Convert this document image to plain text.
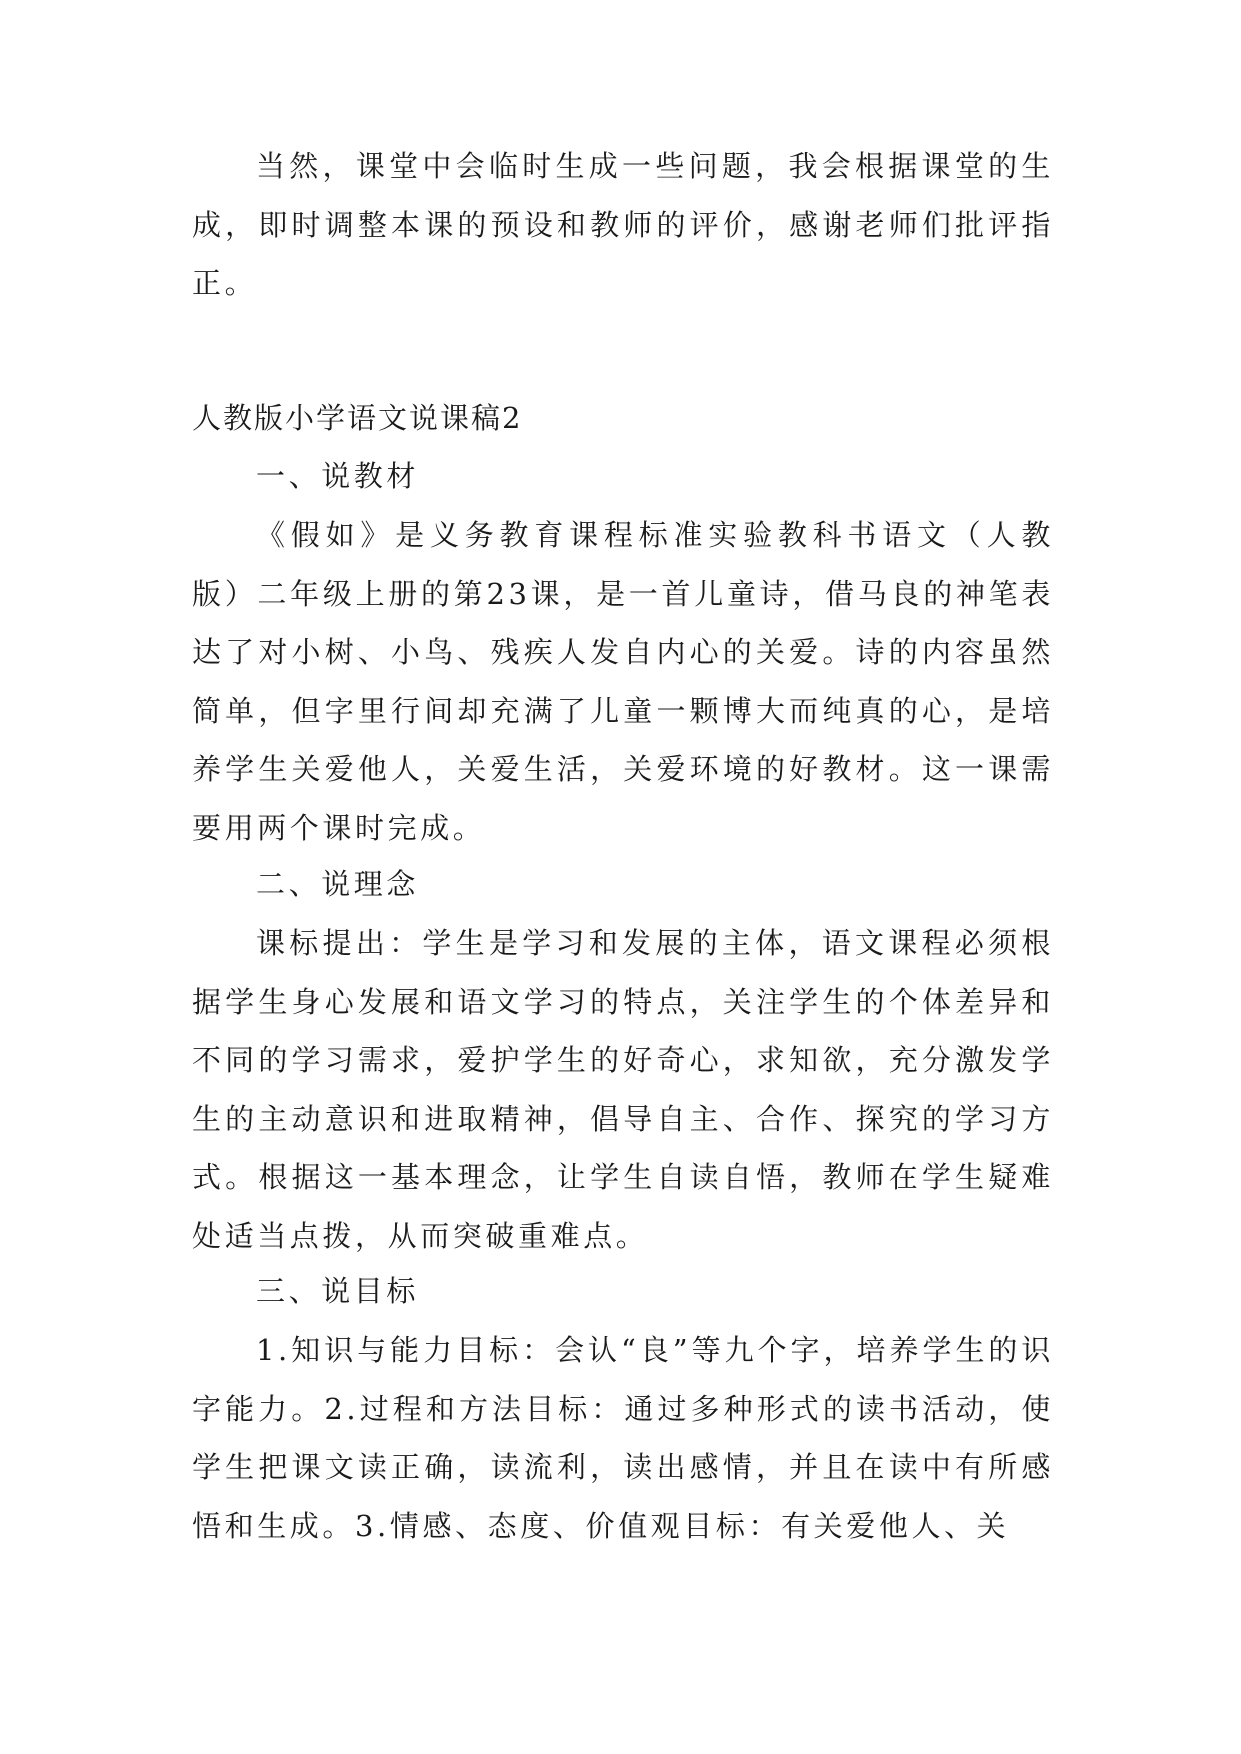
当然，课堂中会临时生成一些问题，我会根据课堂的生成，即时调整本课的预设和教师的评价，感谢老师们批评指正。
人教版小学语文说课稿2
一、说教材
《假如》是义务教育课程标准实验教科书语文（人教版）二年级上册的第23课，是一首儿童诗，借马良的神笔表达了对小树、小鸟、残疾人发自内心的关爱。诗的内容虽然简单，但字里行间却充满了儿童一颗博大而纯真的心，是培养学生关爱他人，关爱生活，关爱环境的好教材。这一课需要用两个课时完成。
二、说理念
课标提出：学生是学习和发展的主体，语文课程必须根据学生身心发展和语文学习的特点，关注学生的个体差异和不同的学习需求，爱护学生的好奇心，求知欲，充分激发学生的主动意识和进取精神，倡导自主、合作、探究的学习方式。根据这一基本理念，让学生自读自悟，教师在学生疑难处适当点拨，从而突破重难点。
三、说目标
1.知识与能力目标：会认“良”等九个字，培养学生的识字能力。2.过程和方法目标：通过多种形式的读书活动，使学生把课文读正确，读流利，读出感情，并且在读中有所感悟和生成。3.情感、态度、价值观目标：有关爱他人、关
